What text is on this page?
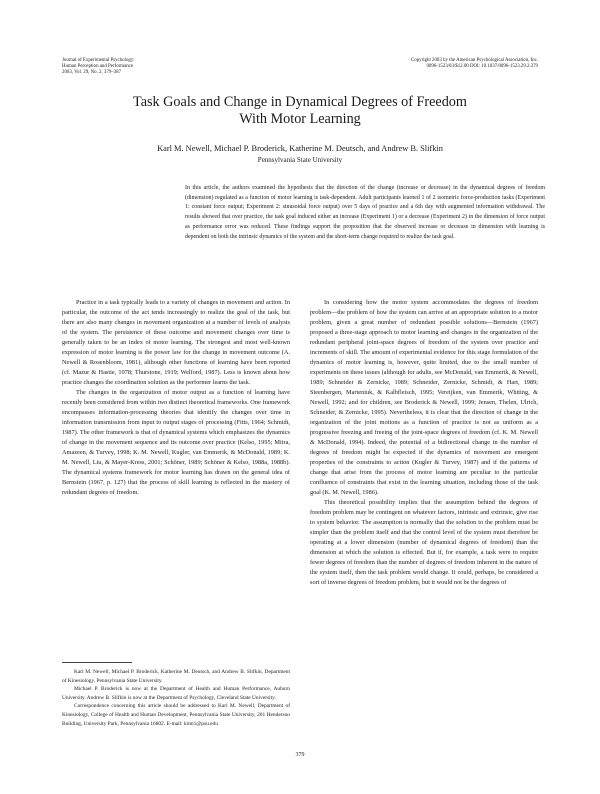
Journal of Experimental Psychology:
Human Perception and Performance
2003, Vol. 29, No. 2, 379–387
Copyright 2003 by the American Psychological Association, Inc.
0096-1523/03/$12.00 DOI: 10.1037/0096-1523.29.2.379
Task Goals and Change in Dynamical Degrees of Freedom
With Motor Learning
Karl M. Newell, Michael P. Broderick, Katherine M. Deutsch, and Andrew B. Slifkin
Pennsylvania State University
In this article, the authors examined the hypothesis that the direction of the change (increase or decrease) in the dynamical degrees of freedom (dimension) regulated as a function of motor learning is task-dependent. Adult participants learned 1 of 2 isometric force-production tasks (Experiment 1: constant force output; Experiment 2: sinusoidal force output) over 5 days of practice and a 6th day with augmented information withdrawal. The results showed that over practice, the task goal induced either an increase (Experiment 1) or a decrease (Experiment 2) in the dimension of force output as performance error was reduced. These findings support the proposition that the observed increase or decrease in dimension with learning is dependent on both the intrinsic dynamics of the system and the short-term change required to realize the task goal.

Practice in a task typically leads to a variety of changes in movement and action. In particular, the outcome of the act tends increasingly to realize the goal of the task, but there are also many changes in movement organization at a number of levels of analysis of the system. The persistence of these outcome and movement changes over time is generally taken to be an index of motor learning. The strongest and most well-known expression of motor learning is the power law for the change in movement outcome (A. Newell & Rosenbloom, 1981), although other functions of learning have been reported (cf. Mazur & Hastie, 1978; Thurstone, 1919; Welford, 1987). Less is known about how practice changes the coordination solution as the performer learns the task.

The changes in the organization of motor output as a function of learning have recently been considered from within two distinct theoretical frameworks. One framework encompasses information-processing theories that identify the changes over time in information transmission from input to output stages of processing (Fitts, 1964; Schmidt, 1987). The other framework is that of dynamical systems which emphasizes the dynamics of change in the movement sequence and its outcome over practice (Kelso, 1995; Mitra, Amazeen, & Turvey, 1998; K. M. Newell, Kugler, van Emmerik, & McDonald, 1989; K. M. Newell, Liu, & Mayer-Kress, 2001; Schöner, 1989; Schöner & Kelso, 1988a, 1988b). The dynamical systems framework for motor learning has drawn on the general idea of Bernstein (1967, p. 127) that the process of skill learning is reflected in the mastery of redundant degrees of freedom.

In considering how the motor system accommodates the degrees of freedom problem—the problem of how the system can arrive at an appropriate solution to a motor problem, given a great number of redundant possible solutions—Bernstein (1967) proposed a three-stage approach to motor learning and changes in the organization of the redundant peripheral joint-space degrees of freedom of the system over practice and increments of skill. The amount of experimental evidence for this stage formulation of the dynamics of motor learning is, however, quite limited, due to the small number of experiments on these issues (although for adults, see McDonald, van Emmerik, & Newell, 1989; Schneider & Zernicke, 1989; Schneider, Zernicke, Schmidt, & Hart, 1989; Steenbergen, Marteniuk, & Kalbfleisch, 1995; Vereijken, van Emmerik, Whiting, & Newell, 1992; and for children, see Broderick & Newell, 1999; Jensen, Thelen, Ulrich, Schneider, & Zernicke, 1995). Nevertheless, it is clear that the direction of change in the organization of the joint motions as a function of practice is not as uniform as a progressive freezing and freeing of the joint-space degrees of freedom (cf. K. M. Newell & McDonald, 1994). Indeed, the potential of a bidirectional change in the number of degrees of freedom might be expected if the dynamics of movement are emergent properties of the constraints to action (Kugler & Turvey, 1987) and if the patterns of change that arise from the process of motor learning are peculiar to the particular confluence of constraints that exist in the learning situation, including those of the task goal (K. M. Newell, 1986).

This theoretical possibility implies that the assumption behind the degrees of freedom problem may be contingent on whatever factors, intrinsic and extrinsic, give rise to system behavior. The assumption is normally that the solution to the problem must be simpler than the problem itself and that the control level of the system must therefore be operating at a lower dimension (number of dynamical degrees of freedom) than the dimension at which the solution is effected. But if, for example, a task were to require fewer degrees of freedom than the number of degrees of freedom inherent in the nature of the system itself, then the task problem would change. It could, perhaps, be considered a sort of inverse degrees of freedom problem, but it would not be the degrees of

Karl M. Newell, Michael P. Broderick, Katherine M. Deutsch, and Andrew B. Slifkin, Department of Kinesiology, Pennsylvania State University.

Michael P. Broderick is now at the Department of Health and Human Performance, Auburn University. Andrew B. Slifkin is now at the Department of Psychology, Cleveland State University.

Correspondence concerning this article should be addressed to Karl M. Newell, Department of Kinesiology, College of Health and Human Development, Pennsylvania State University, 201 Henderson Building, University Park, Pennsylvania 16802. E-mail: kmn1@psu.edu

379
